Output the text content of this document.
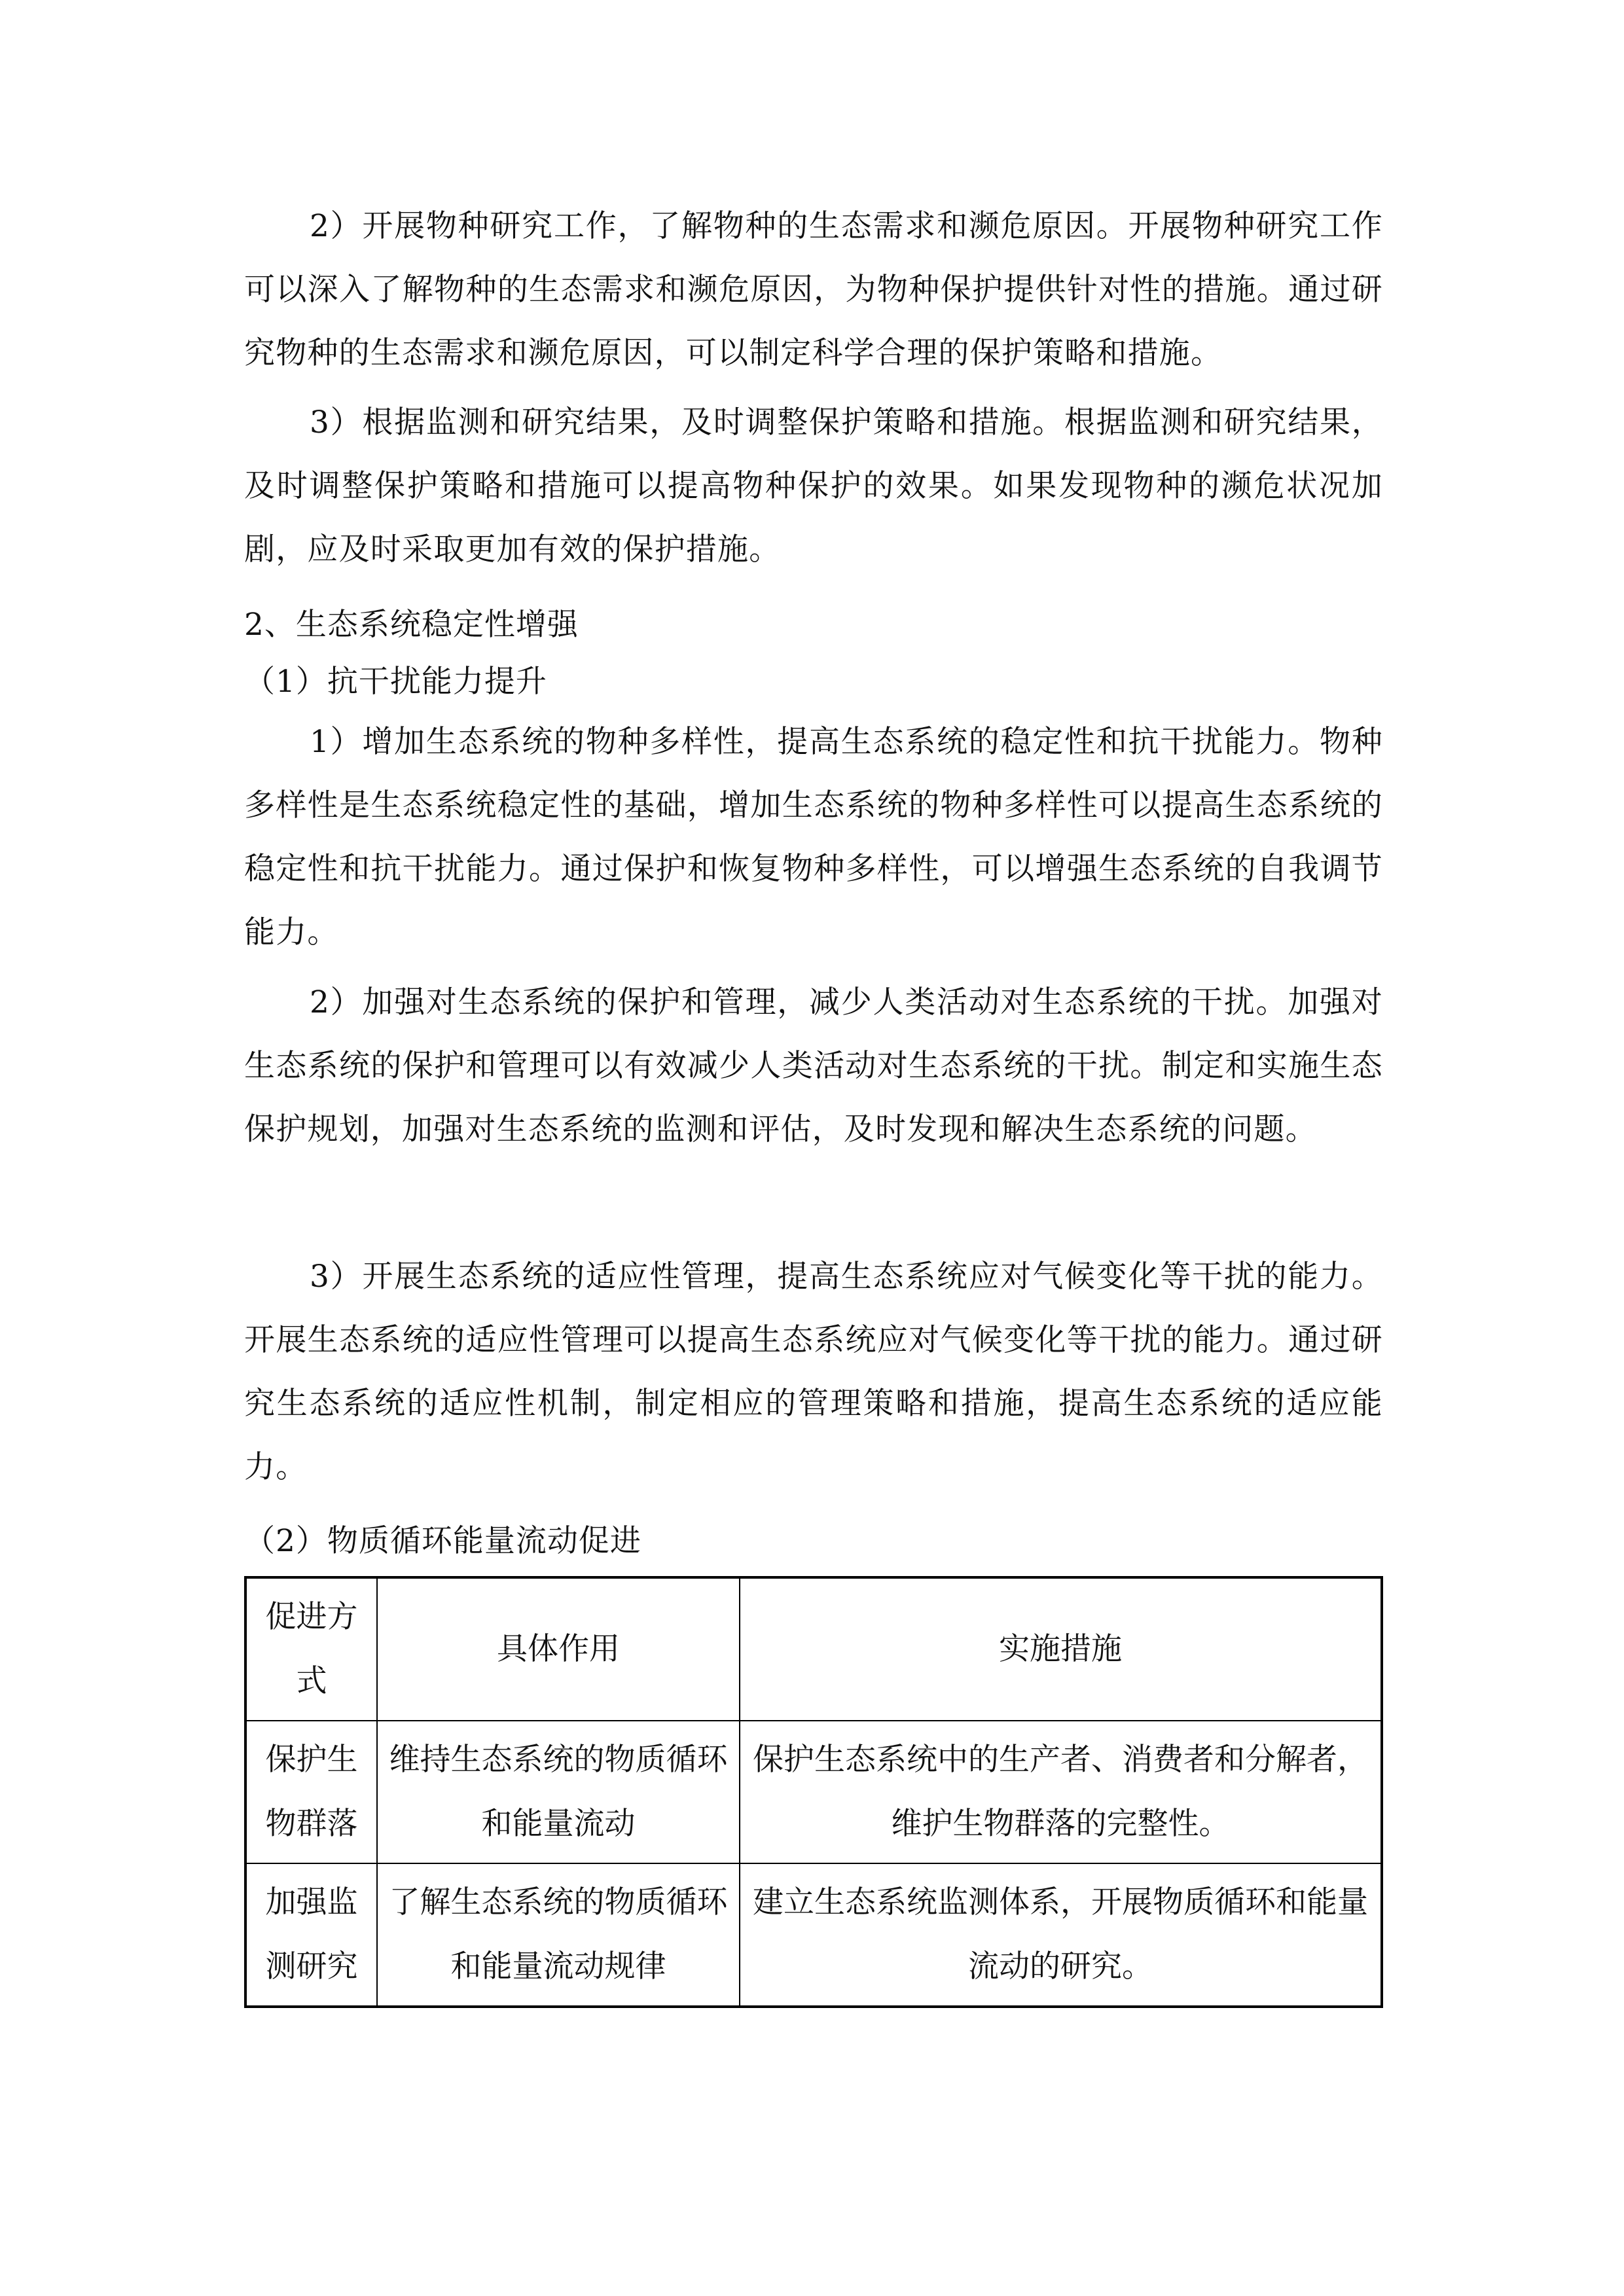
2）开展物种研究工作，了解物种的生态需求和濒危原因。开展物种研究工作可以深入了解物种的生态需求和濒危原因，为物种保护提供针对性的措施。通过研究物种的生态需求和濒危原因，可以制定科学合理的保护策略和措施。

3）根据监测和研究结果，及时调整保护策略和措施。根据监测和研究结果，及时调整保护策略和措施可以提高物种保护的效果。如果发现物种的濒危状况加剧，应及时采取更加有效的保护措施。

2、生态系统稳定性增强

（1）抗干扰能力提升

1）增加生态系统的物种多样性，提高生态系统的稳定性和抗干扰能力。物种多样性是生态系统稳定性的基础，增加生态系统的物种多样性可以提高生态系统的稳定性和抗干扰能力。通过保护和恢复物种多样性，可以增强生态系统的自我调节能力。

2）加强对生态系统的保护和管理，减少人类活动对生态系统的干扰。加强对生态系统的保护和管理可以有效减少人类活动对生态系统的干扰。制定和实施生态保护规划，加强对生态系统的监测和评估，及时发现和解决生态系统的问题。

3）开展生态系统的适应性管理，提高生态系统应对气候变化等干扰的能力。开展生态系统的适应性管理可以提高生态系统应对气候变化等干扰的能力。通过研究生态系统的适应性机制，制定相应的管理策略和措施，提高生态系统的适应能力。

（2）物质循环能量流动促进

促进方式	具体作用	实施措施
保护生物群落	维持生态系统的物质循环和能量流动	保护生态系统中的生产者、消费者和分解者，维护生物群落的完整性。
加强监测研究	了解生态系统的物质循环和能量流动规律	建立生态系统监测体系，开展物质循环和能量流动的研究。
